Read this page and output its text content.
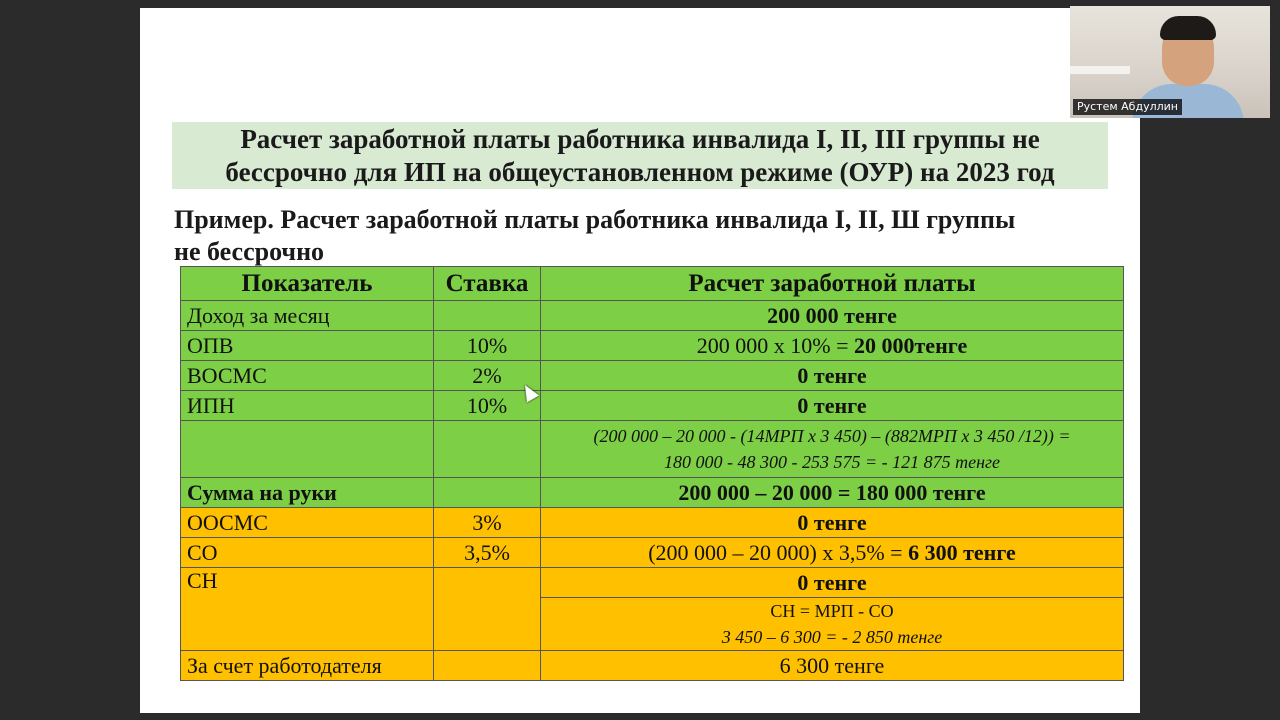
Расчет заработной платы работника инвалида I, II, III группы не
бессрочно для ИП на общеустановленном режиме (ОУР) на 2023 год
Пример. Расчет заработной платы работника инвалида I, II, Ш группы
не бессрочно
Показатель	Ставка	Расчет заработной платы
Доход за месяц		200 000 тенге
ОПВ	10%	200 000 х 10% = 20 000тенге
ВОСМС	2%	0 тенге
ИПН	10%	0 тенге

		(200 000 – 20 000 - (14МРП х 3 450) – (882МРП х 3 450 /12)) =
180 000 - 48 300 - 253 575 = - 121 875 тенге

Сумма на руки		200 000 – 20 000 = 180 000 тенге
ООСМС	3%	0 тенге
СО	3,5%	(200 000 – 20 000) х 3,5% = 6 300 тенге
СН		0 тенге

		СН = МРП - СО
3 450 – 6 300 = - 2 850 тенге

За счет работодателя		6 300 тенге
Рустем Абдуллин
